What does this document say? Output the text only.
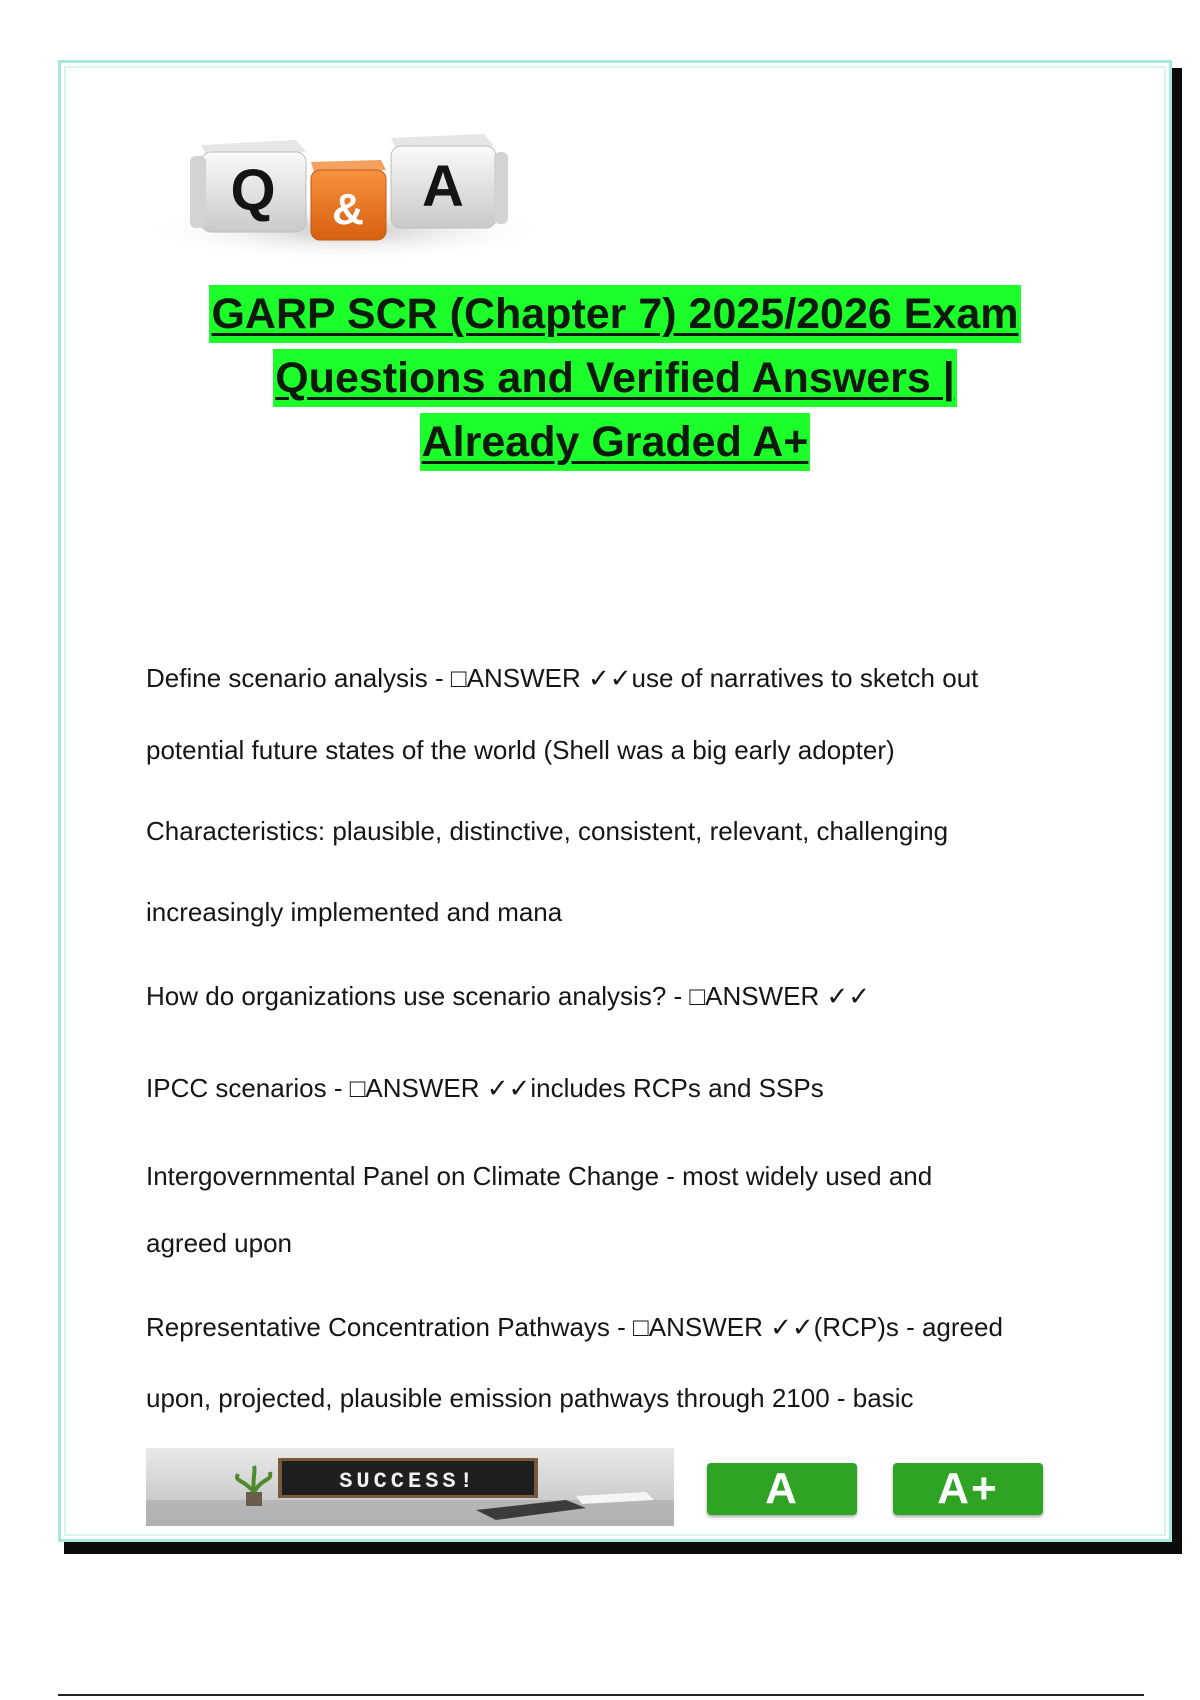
Q & A
GARP SCR (Chapter 7) 2025/2026 Exam
Questions and Verified Answers |
Already Graded A+
Define scenario analysis - □ANSWER ✓✓use of narratives to sketch out
potential future states of the world (Shell was a big early adopter)
Characteristics: plausible, distinctive, consistent, relevant, challenging
increasingly implemented and mana
How do organizations use scenario analysis? - □ANSWER ✓✓
IPCC scenarios - □ANSWER ✓✓includes RCPs and SSPs
Intergovernmental Panel on Climate Change - most widely used and
agreed upon
Representative Concentration Pathways - □ANSWER ✓✓(RCP)s - agreed
upon, projected, plausible emission pathways through 2100 - basic
SUCCESS!	A	A+
